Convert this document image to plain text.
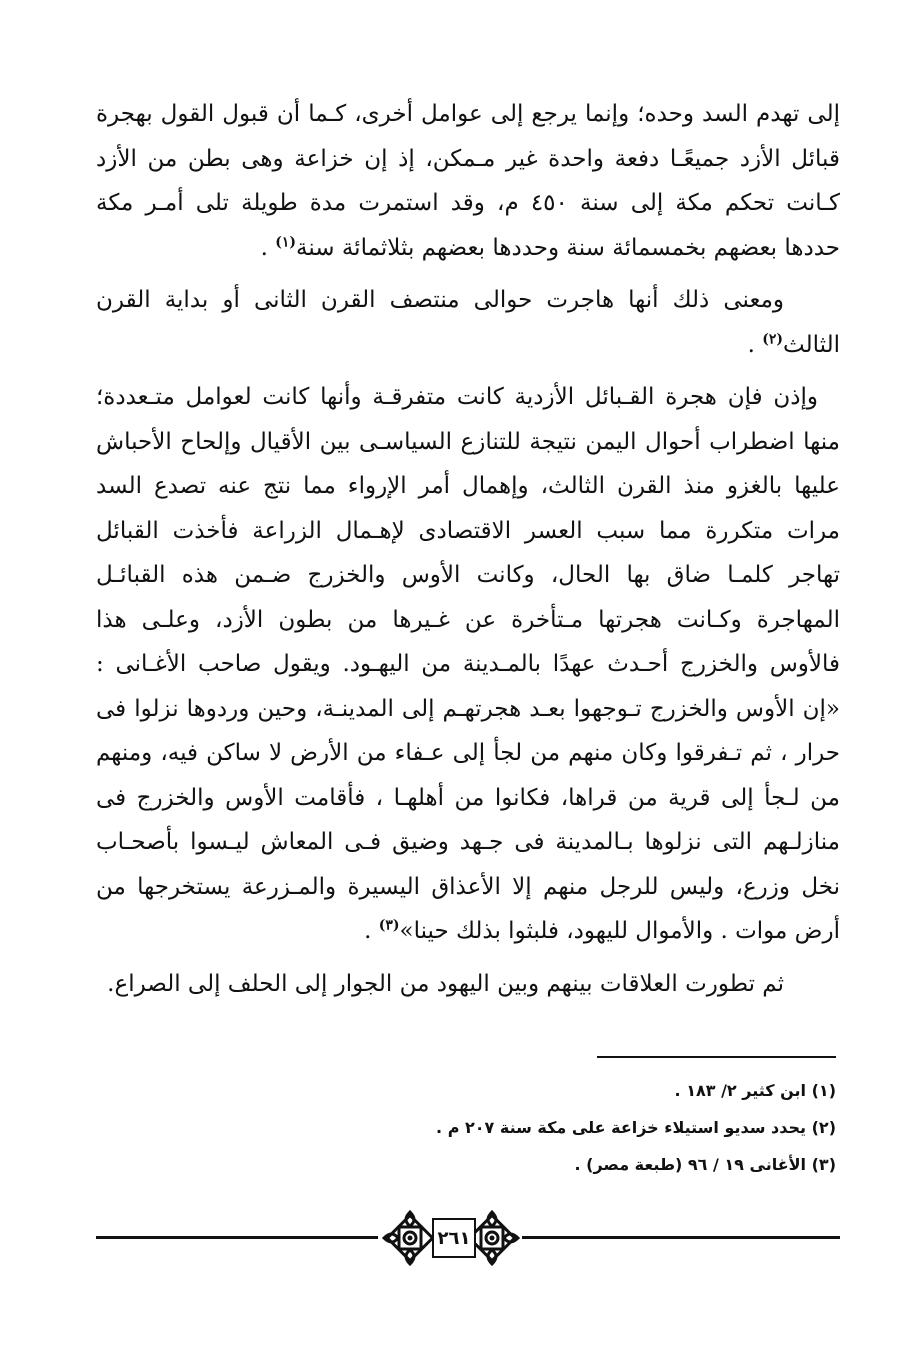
إلى تهدم السد وحده؛ وإنما يرجع إلى عوامل أخرى، كـما أن قبول القول بهجرة قبائل الأزد جميعًـا دفعة واحدة غير مـمكن، إذ إن خزاعة وهى بطن من الأزد كـانت تحكم مكة إلى سنة ٤٥٠ م، وقد استمرت مدة طويلة تلى أمـر مكة حددها بعضهم بخمسمائة سنة وحددها بعضهم بثلاثمائة سنة$^{(١)}$ .

ومعنى ذلك أنها هاجرت حوالى منتصف القرن الثانى أو بداية القرن الثالث$^{(٢)}$ .

وإذن فإن هجرة القـبائل الأزدية كانت متفرقـة وأنها كانت لعوامل متـعددة؛ منها اضطراب أحوال اليمن نتيجة للتنازع السياسـى بين الأقيال وإلحاح الأحباش عليها بالغزو منذ القرن الثالث، وإهمال أمر الإرواء مما نتج عنه تصدع السد مرات متكررة مما سبب العسر الاقتصادى لإهـمال الزراعة فأخذت القبائل تهاجر كلمـا ضاق بها الحال، وكانت الأوس والخزرج ضـمن هذه القبائـل المهاجرة وكـانت هجرتها مـتأخرة عن غـيرها من بطون الأزد، وعلـى هذا فالأوس والخزرج أحـدث عهدًا بالمـدينة من اليهـود. ويقول صاحب الأغـانى : «إن الأوس والخزرج تـوجهوا بعـد هجرتهـم إلى المدينـة، وحين وردوها نزلوا فى حرار ، ثم تـفرقوا وكان منهم من لجأ إلى عـفاء من الأرض لا ساكن فيه، ومنهم من لـجأ إلى قرية من قراها، فكانوا من أهلهـا ، فأقامت الأوس والخزرج فى منازلـهم التى نزلوها بـالمدينة فى جـهد وضيق فـى المعاش ليـسوا بأصحـاب نخل وزرع، وليس للرجل منهم إلا الأعذاق اليسيرة والمـزرعة يستخرجها من أرض موات . والأموال لليهود، فلبثوا بذلك حينا»$^{(٣)}$ .

ثم تطورت العلاقات بينهم وبين اليهود من الجوار إلى الحلف إلى الصراع.

(١) ابن كثير ٢/ ١٨٣ .

(٢) يحدد سديو استيلاء خزاعة على مكة سنة ٢٠٧ م .

(٣) الأغانى ١٩ / ٩٦ (طبعة مصر) .

٢٦١
